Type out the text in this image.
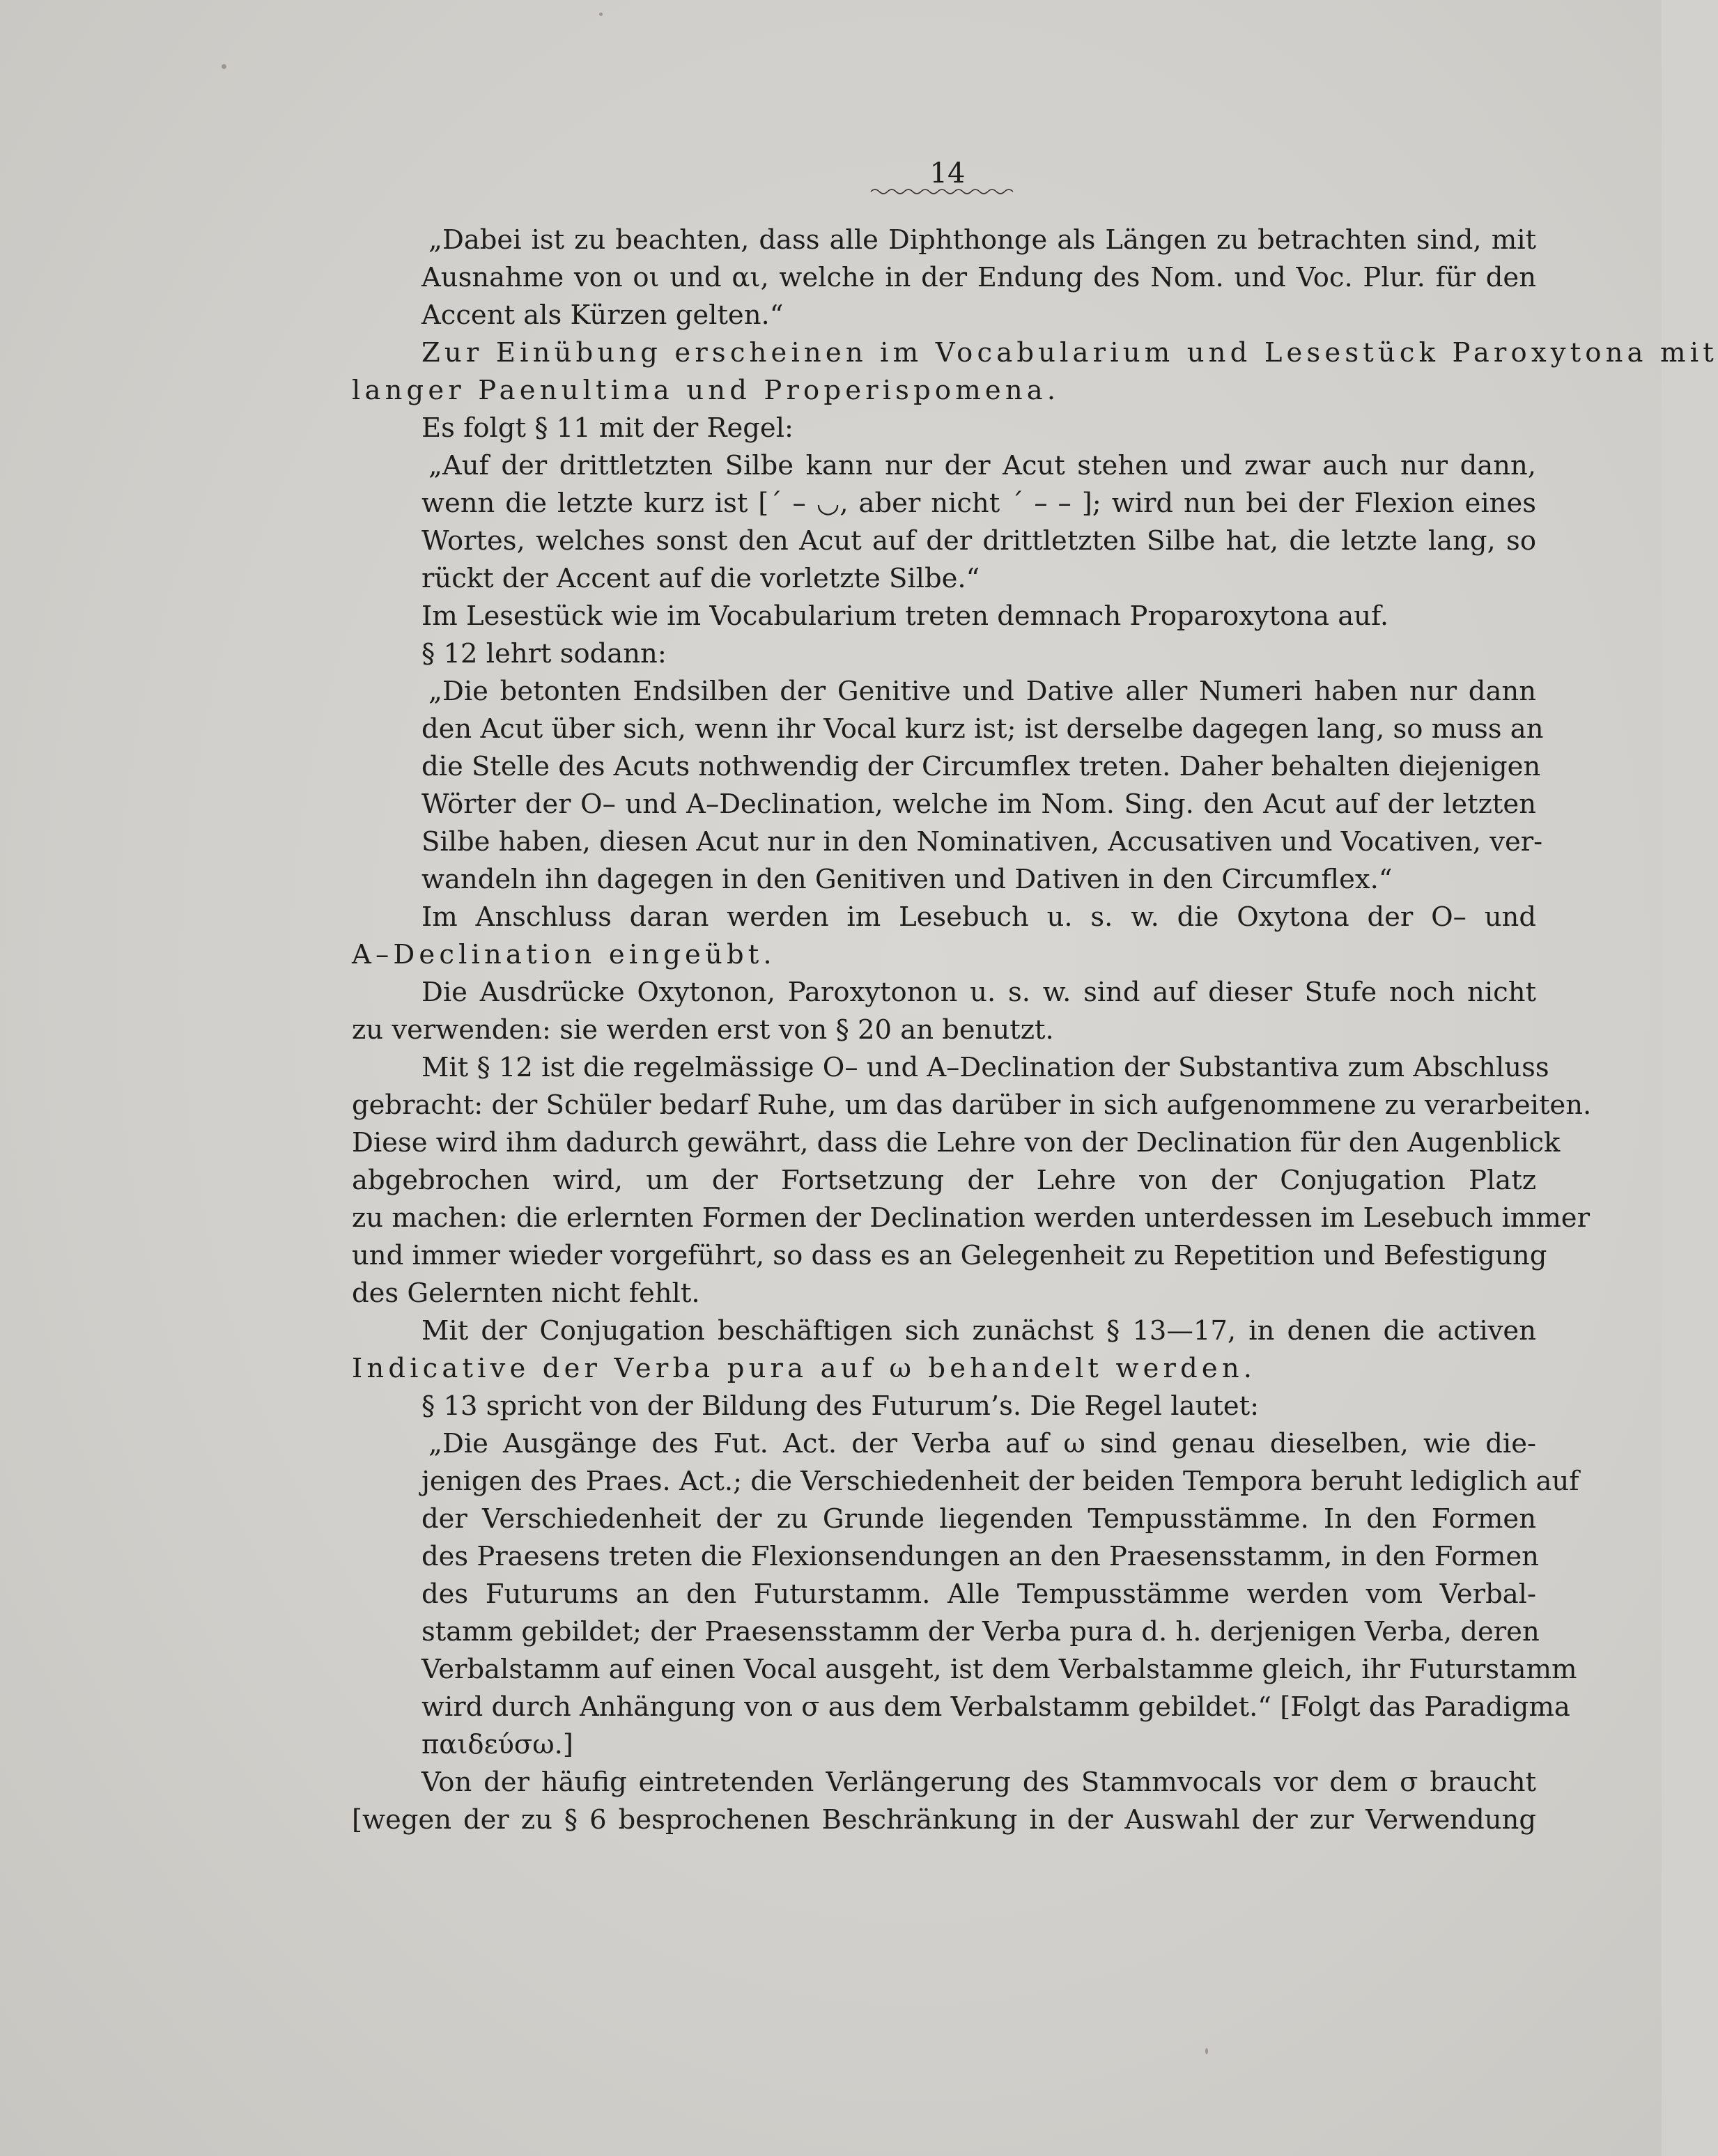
14
„Dabei ist zu beachten, dass alle Diphthonge als Längen zu betrachten sind, mit
Ausnahme von οι und αι, welche in der Endung des Nom. und Voc. Plur. für den
Accent als Kürzen gelten.“
Zur Einübung erscheinen im Vocabularium und Lesestück Paroxytona mit
langer Paenultima und Properispomena.
Es folgt § 11 mit der Regel:
„Auf der drittletzten Silbe kann nur der Acut stehen und zwar auch nur dann,
wenn die letzte kurz ist [´ – ◡, aber nicht ´ – – ]; wird nun bei der Flexion eines
Wortes, welches sonst den Acut auf der drittletzten Silbe hat, die letzte lang, so
rückt der Accent auf die vorletzte Silbe.“
Im Lesestück wie im Vocabularium treten demnach Proparoxytona auf.
§ 12 lehrt sodann:
„Die betonten Endsilben der Genitive und Dative aller Numeri haben nur dann
den Acut über sich, wenn ihr Vocal kurz ist; ist derselbe dagegen lang, so muss an
die Stelle des Acuts nothwendig der Circumflex treten. Daher behalten diejenigen
Wörter der O– und A–Declination, welche im Nom. Sing. den Acut auf der letzten
Silbe haben, diesen Acut nur in den Nominativen, Accusativen und Vocativen, ver-
wandeln ihn dagegen in den Genitiven und Dativen in den Circumflex.“
Im Anschluss daran werden im Lesebuch u. s. w. die Oxytona der O– und
A–Declination eingeübt.
Die Ausdrücke Oxytonon, Paroxytonon u. s. w. sind auf dieser Stufe noch nicht
zu verwenden: sie werden erst von § 20 an benutzt.
Mit § 12 ist die regelmässige O– und A–Declination der Substantiva zum Abschluss
gebracht: der Schüler bedarf Ruhe, um das darüber in sich aufgenommene zu verarbeiten.
Diese wird ihm dadurch gewährt, dass die Lehre von der Declination für den Augenblick
abgebrochen wird, um der Fortsetzung der Lehre von der Conjugation Platz
zu machen: die erlernten Formen der Declination werden unterdessen im Lesebuch immer
und immer wieder vorgeführt, so dass es an Gelegenheit zu Repetition und Befestigung
des Gelernten nicht fehlt.
Mit der Conjugation beschäftigen sich zunächst § 13—17, in denen die activen
Indicative der Verba pura auf ω behandelt werden.
§ 13 spricht von der Bildung des Futurum’s. Die Regel lautet:
„Die Ausgänge des Fut. Act. der Verba auf ω sind genau dieselben, wie die-
jenigen des Praes. Act.; die Verschiedenheit der beiden Tempora beruht lediglich auf
der Verschiedenheit der zu Grunde liegenden Tempusstämme. In den Formen
des Praesens treten die Flexionsendungen an den Praesensstamm, in den Formen
des Futurums an den Futurstamm. Alle Tempusstämme werden vom Verbal-
stamm gebildet; der Praesensstamm der Verba pura d. h. derjenigen Verba, deren
Verbalstamm auf einen Vocal ausgeht, ist dem Verbalstamme gleich, ihr Futurstamm
wird durch Anhängung von σ aus dem Verbalstamm gebildet.“ [Folgt das Paradigma
παιδεύσω.]
Von der häufig eintretenden Verlängerung des Stammvocals vor dem σ braucht
[wegen der zu § 6 besprochenen Beschränkung in der Auswahl der zur Verwendung
